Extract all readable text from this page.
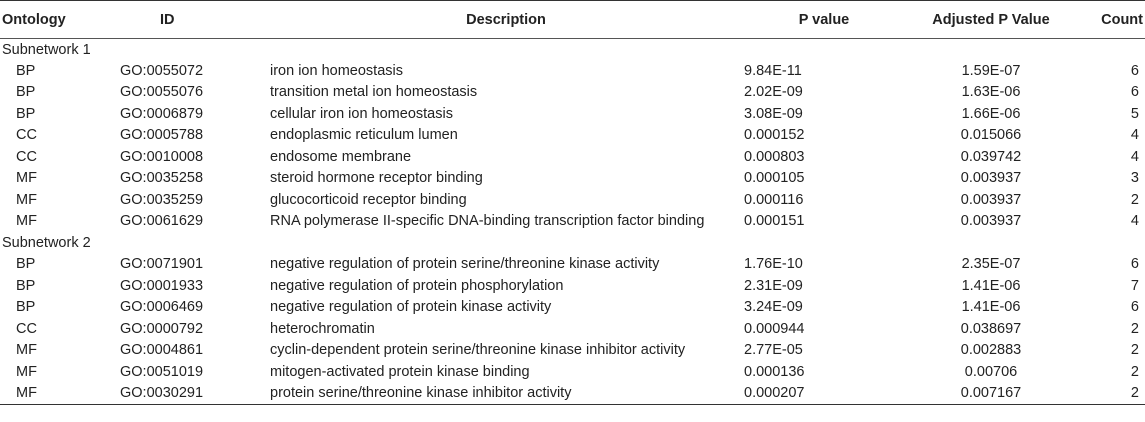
Ontology	ID	Description	P value	Adjusted P Value	Count
Subnetwork 1					
BP	GO:0055072	iron ion homeostasis	9.84E-11	1.59E-07	6
BP	GO:0055076	transition metal ion homeostasis	2.02E-09	1.63E-06	6
BP	GO:0006879	cellular iron ion homeostasis	3.08E-09	1.66E-06	5
CC	GO:0005788	endoplasmic reticulum lumen	0.000152	0.015066	4
CC	GO:0010008	endosome membrane	0.000803	0.039742	4
MF	GO:0035258	steroid hormone receptor binding	0.000105	0.003937	3
MF	GO:0035259	glucocorticoid receptor binding	0.000116	0.003937	2
MF	GO:0061629	RNA polymerase II-specific DNA-binding transcription factor binding	0.000151	0.003937	4
Subnetwork 2					
BP	GO:0071901	negative regulation of protein serine/threonine kinase activity	1.76E-10	2.35E-07	6
BP	GO:0001933	negative regulation of protein phosphorylation	2.31E-09	1.41E-06	7
BP	GO:0006469	negative regulation of protein kinase activity	3.24E-09	1.41E-06	6
CC	GO:0000792	heterochromatin	0.000944	0.038697	2
MF	GO:0004861	cyclin-dependent protein serine/threonine kinase inhibitor activity	2.77E-05	0.002883	2
MF	GO:0051019	mitogen-activated protein kinase binding	0.000136	0.00706	2
MF	GO:0030291	protein serine/threonine kinase inhibitor activity	0.000207	0.007167	2
